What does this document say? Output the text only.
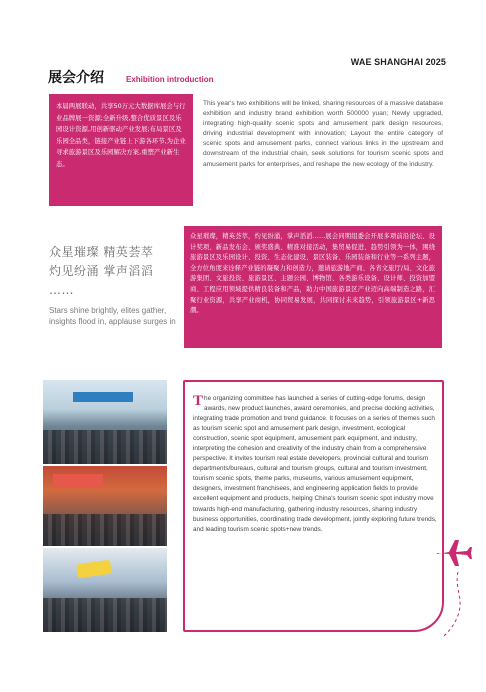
WAE SHANGHAI 2025
展会介绍	Exhibition introduction
本届两展联动，共享50万元大数据库展会与行业品牌展一资源;全新升级,整合优质景区及乐园设计资源,用创新驱动产业发展;布局景区及乐园全品类，链接产业链上下游各环节,为企业寻求旅游景区及乐园解决方案,重塑产业新生态。
This year's two exhibitions will be linked, sharing resources of a massive database exhibition and industry brand exhibition worth 500000 yuan; Newly upgraded, integrating high-quality scenic spots and amusement park design resources, driving industrial development with innovation; Layout the entire category of scenic spots and amusement parks, connect various links in the upstream and downstream of the industrial chain, seek solutions for tourism scenic spots and amusement parks for enterprises, and reshape the new ecology of the industry.
众星璀璨 精英荟萃
灼见纷涌 掌声滔滔
……
Stars shine brightly, elites gather, insights flood in, applause surges in
众星璀璨，精英荟萃，灼见纷涌，掌声滔滔……展会同期组委会开展多项前沿论坛、设计奖项、新品发布会、颁奖盛典、精准对接活动，集贸易促进、趋势引领为一体，围绕旅游景区及乐园设计、投资、生态化建设、景区装备、乐园装备和行业等一系列主题，全方位角度来诠释产业链的凝聚力和创造力，邀请旅游地产商、各省文旅厅/局、文化旅游集团、文旅投资、旅游景区、主题公园、博物馆、各类游乐设备、设计师、投资加盟商、工程应用领域提供精良装备和产品，助力中国旅游景区产业迈向高端制造之路，汇聚行业资源，共享产业商机，协同贸易发展，共同探讨未来趋势，引领旅游景区+新思潮。
The organizing committee has launched a series of cutting-edge forums, design awards, new product launches, award ceremonies, and precise docking activities, integrating trade promotion and trend guidance. It focuses on a series of themes such as tourism scenic spot and amusement park design, investment, ecological construction, scenic spot equipment, amusement park equipment, and industry, interpreting the cohesion and creativity of the industry chain from a comprehensive perspective. It invites tourism real estate developers, provincial cultural and tourism departments/bureaus, cultural and tourism groups, cultural and tourism investment, tourism scenic spots, theme parks, museums, various amusement equipment, designers, investment franchisees, and engineering application fields to provide excellent equipment and products, helping China's tourism scenic spot industry move towards high-end manufacturing, gathering industry resources, sharing industry business opportunities, coordinating trade development, jointly exploring future trends, and leading tourism scenic spots+new trends.
